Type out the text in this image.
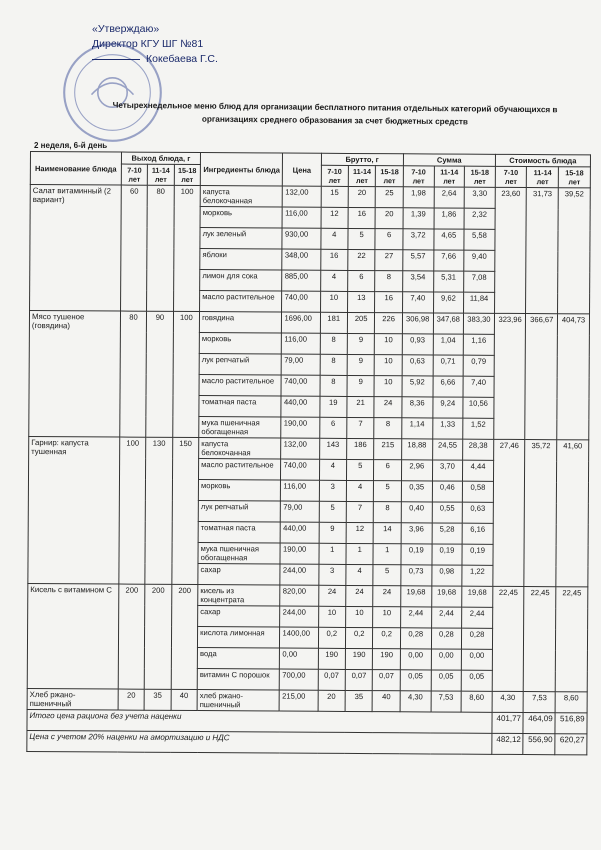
«Утверждаю»
Директор КГУ ШГ №81
Кокебаева Г.С.
Четырехнедельное меню блюд для организации бесплатного питания отдельных категорий обучающихся в
организациях среднего образования за счет бюджетных средств
2 неделя, 6-й день
Наименование блюда	Выход блюда, г			Ингредиенты блюда	Цена	Брутто, г			Сумма			Стоимость блюда		
	7-10 лет	11-14 лет	15-18 лет			7-10 лет	11-14 лет	15-18 лет	7-10 лет	11-14 лет	15-18 лет	7-10 лет	11-14 лет	15-18 лет
Салат витаминный (2 вариант)	60	80	100	капуста белокочанная	132,00	15	20	25	1,98	2,64	3,30	23,60	31,73	39,52
				морковь	116,00	12	16	20	1,39	1,86	2,32			
				лук зеленый	930,00	4	5	6	3,72	4,65	5,58			
				яблоки	348,00	16	22	27	5,57	7,66	9,40			
				лимон для сока	885,00	4	6	8	3,54	5,31	7,08			
				масло растительное	740,00	10	13	16	7,40	9,62	11,84			
Мясо тушеное (говядина)	80	90	100	говядина	1696,00	181	205	226	306,98	347,68	383,30	323,96	366,67	404,73
				морковь	116,00	8	9	10	0,93	1,04	1,16			
				лук репчатый	79,00	8	9	10	0,63	0,71	0,79			
				масло растительное	740,00	8	9	10	5,92	6,66	7,40			
				томатная паста	440,00	19	21	24	8,36	9,24	10,56			
				мука пшеничная обогащенная	190,00	6	7	8	1,14	1,33	1,52			
Гарнир: капуста тушенная	100	130	150	капуста белокочанная	132,00	143	186	215	18,88	24,55	28,38	27,46	35,72	41,60
				масло растительное	740,00	4	5	6	2,96	3,70	4,44			
				морковь	116,00	3	4	5	0,35	0,46	0,58			
				лук репчатый	79,00	5	7	8	0,40	0,55	0,63			
				томатная паста	440,00	9	12	14	3,96	5,28	6,16			
				мука пшеничная обогащенная	190,00	1	1	1	0,19	0,19	0,19			
				сахар	244,00	3	4	5	0,73	0,98	1,22			
Кисель с витамином С	200	200	200	кисель из концентрата	820,00	24	24	24	19,68	19,68	19,68	22,45	22,45	22,45
				сахар	244,00	10	10	10	2,44	2,44	2,44			
				кислота лимонная	1400,00	0,2	0,2	0,2	0,28	0,28	0,28			
				вода	0,00	190	190	190	0,00	0,00	0,00			
				витамин С порошок	700,00	0,07	0,07	0,07	0,05	0,05	0,05			
Хлеб ржано-пшеничный	20	35	40	хлеб ржано-пшеничный	215,00	20	35	40	4,30	7,53	8,60	4,30	7,53	8,60
Итого цена рациона без учета наценки												401,77	464,09	516,89
Цена с учетом 20% наценки на амортизацию и НДС												482,12	556,90	620,27
